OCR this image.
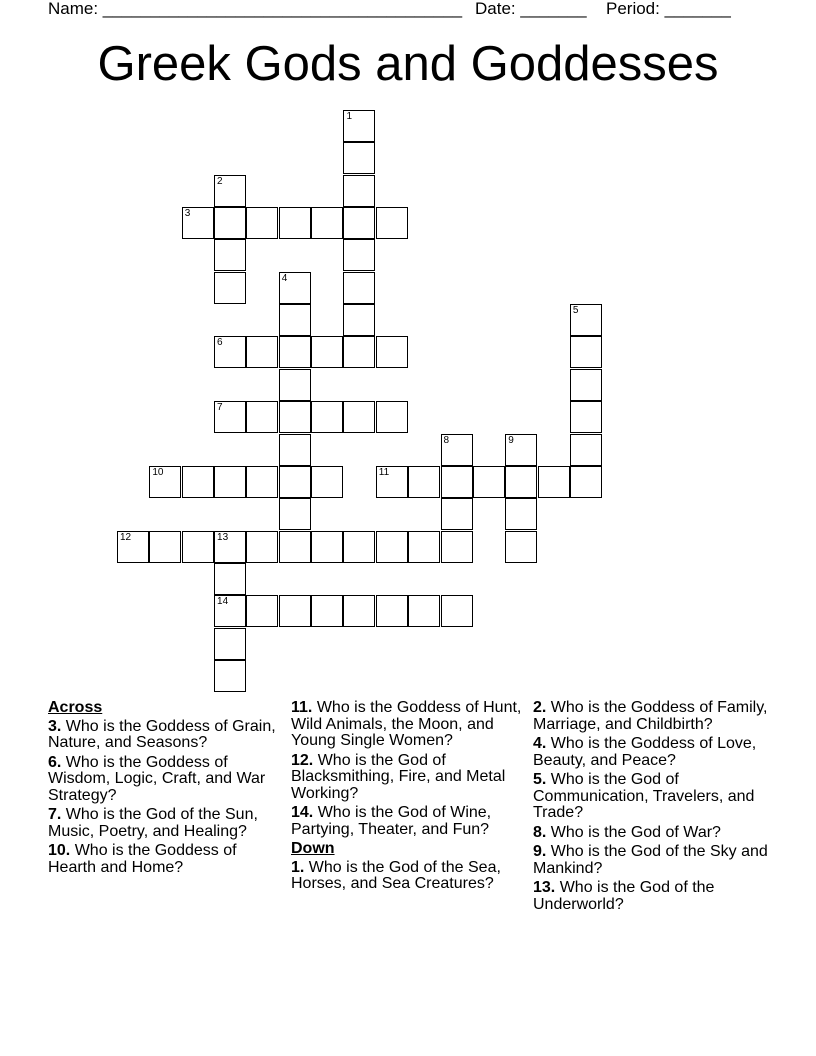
Name: ______________________________________ Date: _______ Period: _______
Greek Gods and Goddesses
1
2
3
4
5
6
7
8	9
10	11
12	13
14
Across
3. Who is the Goddess of Grain, Nature, and Seasons?
6. Who is the Goddess of Wisdom, Logic, Craft, and War Strategy?
7. Who is the God of the Sun, Music, Poetry, and Healing?
10. Who is the Goddess of Hearth and Home?
11. Who is the Goddess of Hunt, Wild Animals, the Moon, and Young Single Women?
12. Who is the God of Blacksmithing, Fire, and Metal Working?
14. Who is the God of Wine, Partying, Theater, and Fun?
Down
1. Who is the God of the Sea, Horses, and Sea Creatures?
2. Who is the Goddess of Family, Marriage, and Childbirth?
4. Who is the Goddess of Love, Beauty, and Peace?
5. Who is the God of Communication, Travelers, and Trade?
8. Who is the God of War?
9. Who is the God of the Sky and Mankind?
13. Who is the God of the Underworld?
